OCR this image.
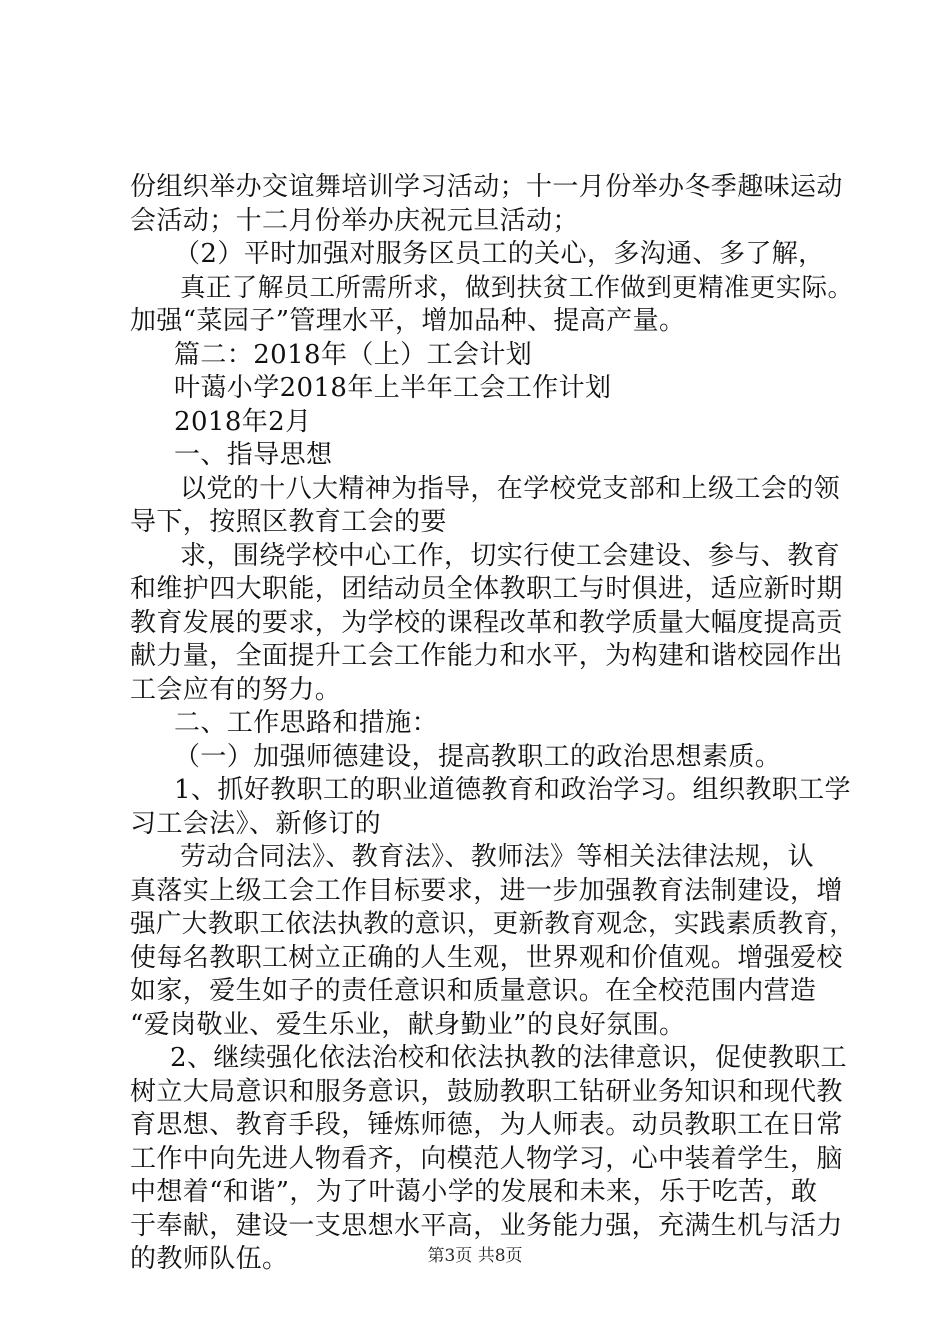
份组织举办交谊舞培训学习活动；十一月份举办冬季趣味运动
会活动；十二月份举办庆祝元旦活动；
（2）平时加强对服务区员工的关心，多沟通、多了解，
真正了解员工所需所求，做到扶贫工作做到更精准更实际。
加强“菜园子”管理水平，增加品种、提高产量。
篇二：2018年（上）工会计划
叶蔼小学2018年上半年工会工作计划
2018年2月
一、指导思想
以党的十八大精神为指导，在学校党支部和上级工会的领
导下，按照区教育工会的要
求，围绕学校中心工作，切实行使工会建设、参与、教育
和维护四大职能，团结动员全体教职工与时俱进，适应新时期
教育发展的要求，为学校的课程改革和教学质量大幅度提高贡
献力量，全面提升工会工作能力和水平，为构建和谐校园作出
工会应有的努力。
二、工作思路和措施：
（一）加强师德建设，提高教职工的政治思想素质。
1、抓好教职工的职业道德教育和政治学习。组织教职工学
习工会法》、新修订的
劳动合同法》、教育法》、教师法》等相关法律法规，认
真落实上级工会工作目标要求，进一步加强教育法制建设，增
强广大教职工依法执教的意识，更新教育观念，实践素质教育，
使每名教职工树立正确的人生观，世界观和价值观。增强爱校
如家，爱生如子的责任意识和质量意识。在全校范围内营造
“爱岗敬业、爱生乐业，献身勤业”的良好氛围。
2、继续强化依法治校和依法执教的法律意识，促使教职工
树立大局意识和服务意识，鼓励教职工钻研业务知识和现代教
育思想、教育手段，锤炼师德，为人师表。动员教职工在日常
工作中向先进人物看齐，向模范人物学习，心中装着学生，脑
中想着“和谐”，为了叶蔼小学的发展和未来，乐于吃苦，敢
于奉献，建设一支思想水平高，业务能力强，充满生机与活力
的教师队伍。	第3页 共8页
